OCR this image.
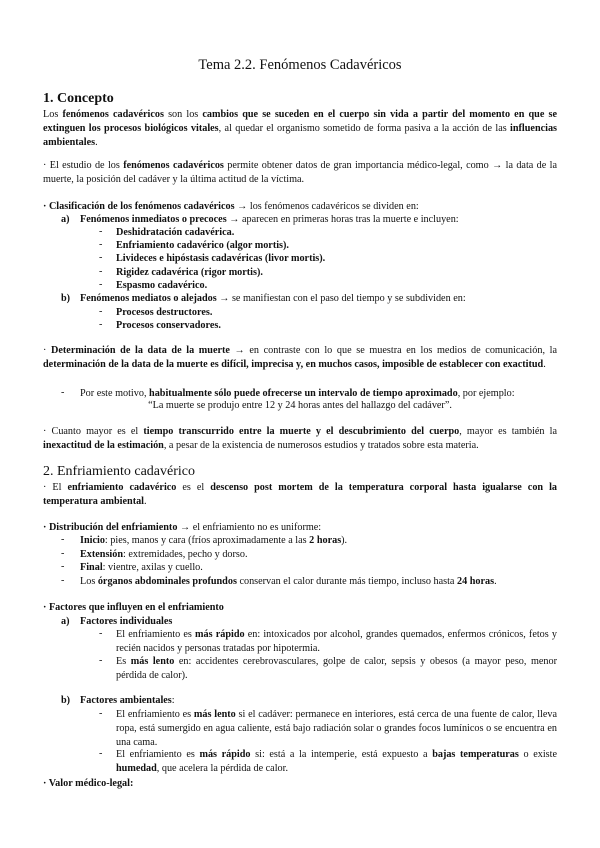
Tema 2.2. Fenómenos Cadavéricos
1. Concepto
Los fenómenos cadavéricos son los cambios que se suceden en el cuerpo sin vida a partir del momento en que se extinguen los procesos biológicos vitales, al quedar el organismo sometido de forma pasiva a la acción de las influencias ambientales.
· El estudio de los fenómenos cadavéricos permite obtener datos de gran importancia médico-legal, como → la data de la muerte, la posición del cadáver y la última actitud de la víctima.
· Clasificación de los fenómenos cadavéricos → los fenómenos cadavéricos se dividen en:
a) Fenómenos inmediatos o precoces → aparecen en primeras horas tras la muerte e incluyen:
- Deshidratación cadavérica.
- Enfriamiento cadavérico (algor mortis).
- Livideces e hipóstasis cadavéricas (livor mortis).
- Rigidez cadavérica (rigor mortis).
- Espasmo cadavérico.
b) Fenómenos mediatos o alejados → se manifiestan con el paso del tiempo y se subdividen en:
- Procesos destructores.
- Procesos conservadores.
· Determinación de la data de la muerte → en contraste con lo que se muestra en los medios de comunicación, la determinación de la data de la muerte es difícil, imprecisa y, en muchos casos, imposible de establecer con exactitud.
- Por este motivo, habitualmente sólo puede ofrecerse un intervalo de tiempo aproximado, por ejemplo:
“La muerte se produjo entre 12 y 24 horas antes del hallazgo del cadáver”.
· Cuanto mayor es el tiempo transcurrido entre la muerte y el descubrimiento del cuerpo, mayor es también la inexactitud de la estimación, a pesar de la existencia de numerosos estudios y tratados sobre esta materia.
2. Enfriamiento cadavérico
· El enfriamiento cadavérico es el descenso post mortem de la temperatura corporal hasta igualarse con la temperatura ambiental.
· Distribución del enfriamiento → el enfriamiento no es uniforme:
- Inicio: pies, manos y cara (fríos aproximadamente a las 2 horas).
- Extensión: extremidades, pecho y dorso.
- Final: vientre, axilas y cuello.
- Los órganos abdominales profundos conservan el calor durante más tiempo, incluso hasta 24 horas.
· Factores que influyen en el enfriamiento
a) Factores individuales
- El enfriamiento es más rápido en: intoxicados por alcohol, grandes quemados, enfermos crónicos, fetos y recién nacidos y personas tratadas por hipotermia.
- Es más lento en: accidentes cerebrovasculares, golpe de calor, sepsis y obesos (a mayor peso, menor pérdida de calor).
b) Factores ambientales:
- El enfriamiento es más lento si el cadáver: permanece en interiores, está cerca de una fuente de calor, lleva ropa, está sumergido en agua caliente, está bajo radiación solar o grandes focos lumínicos o se encuentra en una cama.
- El enfriamiento es más rápido si: está a la intemperie, está expuesto a bajas temperaturas o existe humedad, que acelera la pérdida de calor.
· Valor médico-legal:
